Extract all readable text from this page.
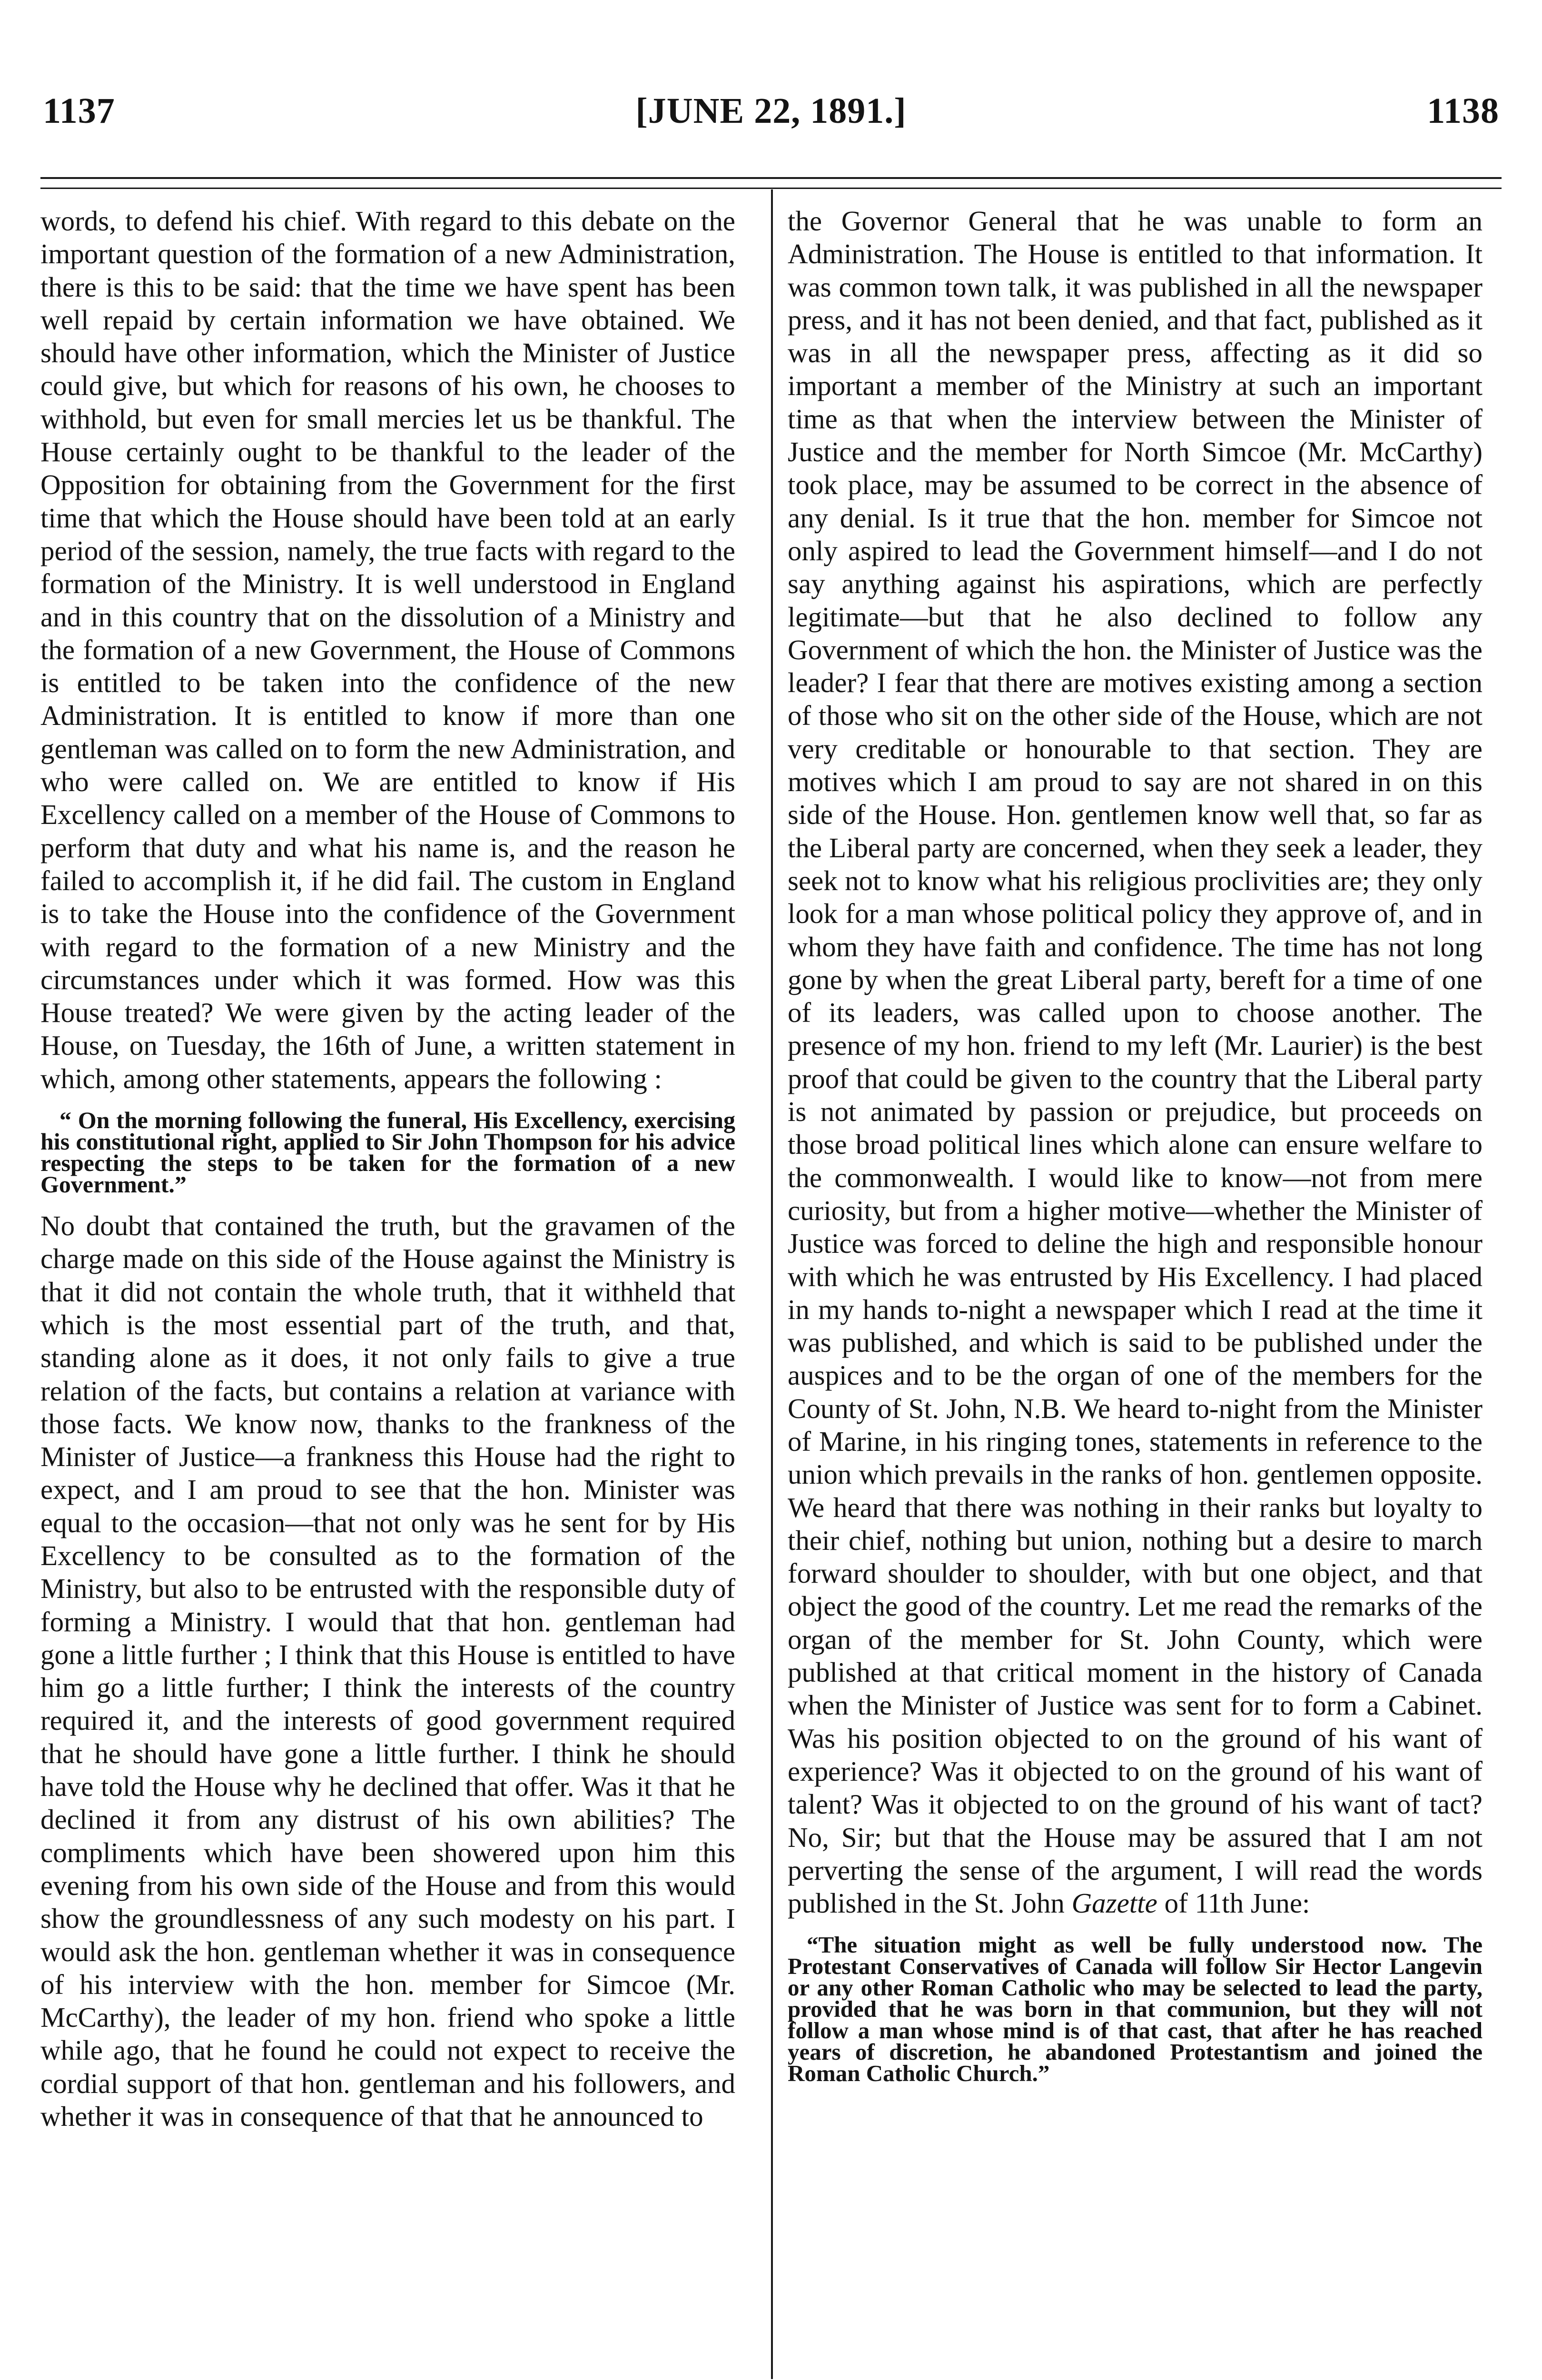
1137	[JUNE 22, 1891.]	1138

words, to defend his chief. With regard to this debate on the important question of the formation of a new Administration, there is this to be said: that the time we have spent has been well repaid by certain information we have obtained. We should have other information, which the Minister of Justice could give, but which for reasons of his own, he chooses to withhold, but even for small mercies let us be thankful. The House certainly ought to be thankful to the leader of the Opposition for obtaining from the Government for the first time that which the House should have been told at an early period of the session, namely, the true facts with regard to the formation of the Ministry. It is well understood in England and in this country that on the dissolution of a Ministry and the formation of a new Government, the House of Commons is entitled to be taken into the confidence of the new Administration. It is entitled to know if more than one gentleman was called on to form the new Administration, and who were called on. We are entitled to know if His Excellency called on a member of the House of Commons to perform that duty and what his name is, and the reason he failed to accomplish it, if he did fail. The custom in England is to take the House into the confidence of the Government with regard to the formation of a new Ministry and the circumstances under which it was formed. How was this House treated? We were given by the acting leader of the House, on Tuesday, the 16th of June, a written statement in which, among other statements, appears the following :

“ On the morning following the funeral, His Excellency, exercising his constitutional right, applied to Sir John Thompson for his advice respecting the steps to be taken for the formation of a new Government.”

No doubt that contained the truth, but the gravamen of the charge made on this side of the House against the Ministry is that it did not contain the whole truth, that it withheld that which is the most essential part of the truth, and that, standing alone as it does, it not only fails to give a true relation of the facts, but contains a relation at variance with those facts. We know now, thanks to the frankness of the Minister of Justice—a frankness this House had the right to expect, and I am proud to see that the hon. Minister was equal to the occasion—that not only was he sent for by His Excellency to be consulted as to the formation of the Ministry, but also to be entrusted with the responsible duty of forming a Ministry. I would that that hon. gentleman had gone a little further ; I think that this House is entitled to have him go a little further; I think the interests of the country required it, and the interests of good government required that he should have gone a little further. I think he should have told the House why he declined that offer. Was it that he declined it from any distrust of his own abilities? The compliments which have been showered upon him this evening from his own side of the House and from this would show the groundlessness of any such modesty on his part. I would ask the hon. gentleman whether it was in consequence of his interview with the hon. member for Simcoe (Mr. McCarthy), the leader of my hon. friend who spoke a little while ago, that he found he could not expect to receive the cordial support of that hon. gentleman and his followers, and whether it was in consequence of that that he announced to

the Governor General that he was unable to form an Administration. The House is entitled to that information. It was common town talk, it was published in all the newspaper press, and it has not been denied, and that fact, published as it was in all the newspaper press, affecting as it did so important a member of the Ministry at such an important time as that when the interview between the Minister of Justice and the member for North Simcoe (Mr. McCarthy) took place, may be assumed to be correct in the absence of any denial. Is it true that the hon. member for Simcoe not only aspired to lead the Government himself—and I do not say anything against his aspirations, which are perfectly legitimate—but that he also declined to follow any Government of which the hon. the Minister of Justice was the leader? I fear that there are motives existing among a section of those who sit on the other side of the House, which are not very creditable or honourable to that section. They are motives which I am proud to say are not shared in on this side of the House. Hon. gentlemen know well that, so far as the Liberal party are concerned, when they seek a leader, they seek not to know what his religious proclivities are; they only look for a man whose political policy they approve of, and in whom they have faith and confidence. The time has not long gone by when the great Liberal party, bereft for a time of one of its leaders, was called upon to choose another. The presence of my hon. friend to my left (Mr. Laurier) is the best proof that could be given to the country that the Liberal party is not animated by passion or prejudice, but proceeds on those broad political lines which alone can ensure welfare to the commonwealth. I would like to know—not from mere curiosity, but from a higher motive—whether the Minister of Justice was forced to deline the high and responsible honour with which he was entrusted by His Excellency. I had placed in my hands to-night a newspaper which I read at the time it was published, and which is said to be published under the auspices and to be the organ of one of the members for the County of St. John, N.B. We heard to-night from the Minister of Marine, in his ringing tones, statements in reference to the union which prevails in the ranks of hon. gentlemen opposite. We heard that there was nothing in their ranks but loyalty to their chief, nothing but union, nothing but a desire to march forward shoulder to shoulder, with but one object, and that object the good of the country. Let me read the remarks of the organ of the member for St. John County, which were published at that critical moment in the history of Canada when the Minister of Justice was sent for to form a Cabinet. Was his position objected to on the ground of his want of experience? Was it objected to on the ground of his want of talent? Was it objected to on the ground of his want of tact? No, Sir; but that the House may be assured that I am not perverting the sense of the argument, I will read the words published in the St. John Gazette of 11th June:

“The situation might as well be fully understood now. The Protestant Conservatives of Canada will follow Sir Hector Langevin or any other Roman Catholic who may be selected to lead the party, provided that he was born in that communion, but they will not follow a man whose mind is of that cast, that after he has reached years of discretion, he abandoned Protestantism and joined the Roman Catholic Church.”
